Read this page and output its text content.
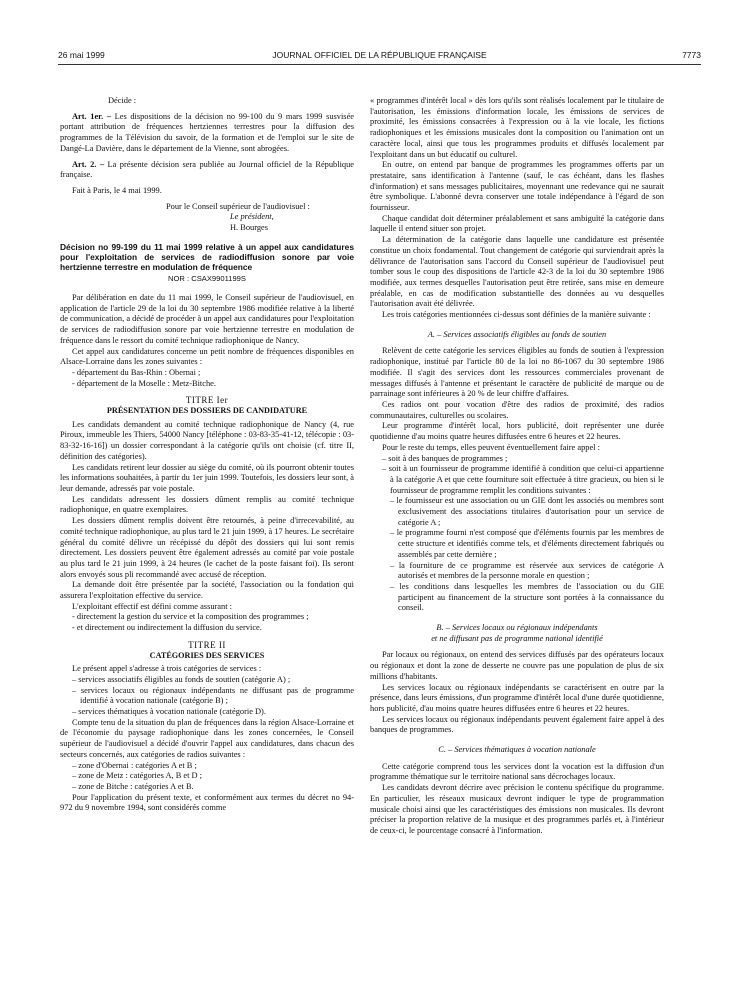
26 mai 1999	JOURNAL OFFICIEL DE LA RÉPUBLIQUE FRANÇAISE	7773

Décide :

Art. 1er. – Les dispositions de la décision no 99-100 du 9 mars 1999 susvisée portant attribution de fréquences hertziennes terrestres pour la diffusion des programmes de la Télévision du savoir, de la formation et de l'emploi sur le site de Dangé-La Davière, dans le département de la Vienne, sont abrogées.

Art. 2. – La présente décision sera publiée au Journal officiel de la République française.

Fait à Paris, le 4 mai 1999.

Pour le Conseil supérieur de l'audiovisuel :

Le président,

H. Bourges

Décision no 99-199 du 11 mai 1999 relative à un appel aux candidatures pour l'exploitation de services de radiodiffusion sonore par voie hertzienne terrestre en modulation de fréquence
NOR : CSAX9901199S

Par délibération en date du 11 mai 1999, le Conseil supérieur de l'audiovisuel, en application de l'article 29 de la loi du 30 septembre 1986 modifiée relative à la liberté de communication, a décidé de procéder à un appel aux candidatures pour l'exploitation de services de radiodiffusion sonore par voie hertzienne terrestre en modulation de fréquence dans le ressort du comité technique radiophonique de Nancy.

Cet appel aux candidatures concerne un petit nombre de fréquences disponibles en Alsace-Lorraine dans les zones suivantes :

- département du Bas-Rhin : Obernai ;

- département de la Moselle : Metz-Bitche.

TITRE Ier
PRÉSENTATION DES DOSSIERS DE CANDIDATURE

Les candidats demandent au comité technique radiophonique de Nancy (4, rue Piroux, immeuble les Thiers, 54000 Nancy [téléphone : 03-83-35-41-12, télécopie : 03-83-32-16-16]) un dossier correspondant à la catégorie qu'ils ont choisie (cf. titre II, définition des catégories).

Les candidats retirent leur dossier au siège du comité, où ils pourront obtenir toutes les informations souhaitées, à partir du 1er juin 1999. Toutefois, les dossiers leur sont, à leur demande, adressés par voie postale.

Les candidats adressent les dossiers dûment remplis au comité technique radiophonique, en quatre exemplaires.

Les dossiers dûment remplis doivent être retournés, à peine d'irrecevabilité, au comité technique radiophonique, au plus tard le 21 juin 1999, à 17 heures. Le secrétaire général du comité délivre un récépissé du dépôt des dossiers qui lui sont remis directement. Les dossiers peuvent être également adressés au comité par voie postale au plus tard le 21 juin 1999, à 24 heures (le cachet de la poste faisant foi). Ils seront alors envoyés sous pli recommandé avec accusé de réception.

La demande doit être présentée par la société, l'association ou la fondation qui assurera l'exploitation effective du service.

L'exploitant effectif est défini comme assurant :

- directement la gestion du service et la composition des programmes ;

- et directement ou indirectement la diffusion du service.

TITRE II
CATÉGORIES DES SERVICES

Le présent appel s'adresse à trois catégories de services :

– services associatifs éligibles au fonds de soutien (catégorie A) ;

– services locaux ou régionaux indépendants ne diffusant pas de programme identifié à vocation nationale (catégorie B) ;

– services thématiques à vocation nationale (catégorie D).

Compte tenu de la situation du plan de fréquences dans la région Alsace-Lorraine et de l'économie du paysage radiophonique dans les zones concernées, le Conseil supérieur de l'audiovisuel a décidé d'ouvrir l'appel aux candidatures, dans chacun des secteurs concernés, aux catégories de radios suivantes :

– zone d'Obernai : catégories A et B ;

– zone de Metz : catégories A, B et D ;

– zone de Bitche : catégories A et B.

Pour l'application du présent texte, et conformément aux termes du décret no 94-972 du 9 novembre 1994, sont considérés comme

« programmes d'intérêt local » dès lors qu'ils sont réalisés localement par le titulaire de l'autorisation, les émissions d'information locale, les émissions de services de proximité, les émissions consacrées à l'expression ou à la vie locale, les fictions radiophoniques et les émissions musicales dont la composition ou l'animation ont un caractère local, ainsi que tous les programmes produits et diffusés localement par l'exploitant dans un but éducatif ou culturel.

En outre, on entend par banque de programmes les programmes offerts par un prestataire, sans identification à l'antenne (sauf, le cas échéant, dans les flashes d'information) et sans messages publicitaires, moyennant une redevance qui ne saurait être symbolique. L'abonné devra conserver une totale indépendance à l'égard de son fournisseur.

Chaque candidat doit déterminer préalablement et sans ambiguïté la catégorie dans laquelle il entend situer son projet.

La détermination de la catégorie dans laquelle une candidature est présentée constitue un choix fondamental. Tout changement de catégorie qui surviendrait après la délivrance de l'autorisation sans l'accord du Conseil supérieur de l'audiovisuel peut tomber sous le coup des dispositions de l'article 42-3 de la loi du 30 septembre 1986 modifiée, aux termes desquelles l'autorisation peut être retirée, sans mise en demeure préalable, en cas de modification substantielle des données au vu desquelles l'autorisation avait été délivrée.

Les trois catégories mentionnées ci-dessus sont définies de la manière suivante :

A. – Services associatifs éligibles au fonds de soutien

Relèvent de cette catégorie les services éligibles au fonds de soutien à l'expression radiophonique, institué par l'article 80 de la loi no 86-1067 du 30 septembre 1986 modifiée. Il s'agit des services dont les ressources commerciales provenant de messages diffusés à l'antenne et présentant le caractère de publicité de marque ou de parrainage sont inférieures à 20 % de leur chiffre d'affaires.

Ces radios ont pour vocation d'être des radios de proximité, des radios communautaires, culturelles ou scolaires.

Leur programme d'intérêt local, hors publicité, doit représenter une durée quotidienne d'au moins quatre heures diffusées entre 6 heures et 22 heures.

Pour le reste du temps, elles peuvent éventuellement faire appel :

– soit à des banques de programmes ;

– soit à un fournisseur de programme identifié à condition que celui-ci appartienne à la catégorie A et que cette fourniture soit effectuée à titre gracieux, ou bien si le fournisseur de programme remplit les conditions suivantes :

– le fournisseur est une association ou un GIE dont les associés ou membres sont exclusivement des associations titulaires d'autorisation pour un service de catégorie A ;

– le programme fourni n'est composé que d'éléments fournis par les membres de cette structure et identifiés comme tels, et d'éléments directement fabriqués ou assemblés par cette dernière ;

– la fourniture de ce programme est réservée aux services de catégorie A autorisés et membres de la personne morale en question ;

– les conditions dans lesquelles les membres de l'association ou du GIE participent au financement de la structure sont portées à la connaissance du conseil.

B. – Services locaux ou régionaux indépendants
et ne diffusant pas de programme national identifié

Par locaux ou régionaux, on entend des services diffusés par des opérateurs locaux ou régionaux et dont la zone de desserte ne couvre pas une population de plus de six millions d'habitants.

Les services locaux ou régionaux indépendants se caractérisent en outre par la présence, dans leurs émissions, d'un programme d'intérêt local d'une durée quotidienne, hors publicité, d'au moins quatre heures diffusées entre 6 heures et 22 heures.

Les services locaux ou régionaux indépendants peuvent également faire appel à des banques de programmes.

C. – Services thématiques à vocation nationale

Cette catégorie comprend tous les services dont la vocation est la diffusion d'un programme thématique sur le territoire national sans décrochages locaux.

Les candidats devront décrire avec précision le contenu spécifique du programme. En particulier, les réseaux musicaux devront indiquer le type de programmation musicale choisi ainsi que les caractéristiques des émissions non musicales. Ils devront préciser la proportion relative de la musique et des programmes parlés et, à l'intérieur de ceux-ci, le pourcentage consacré à l'information.
